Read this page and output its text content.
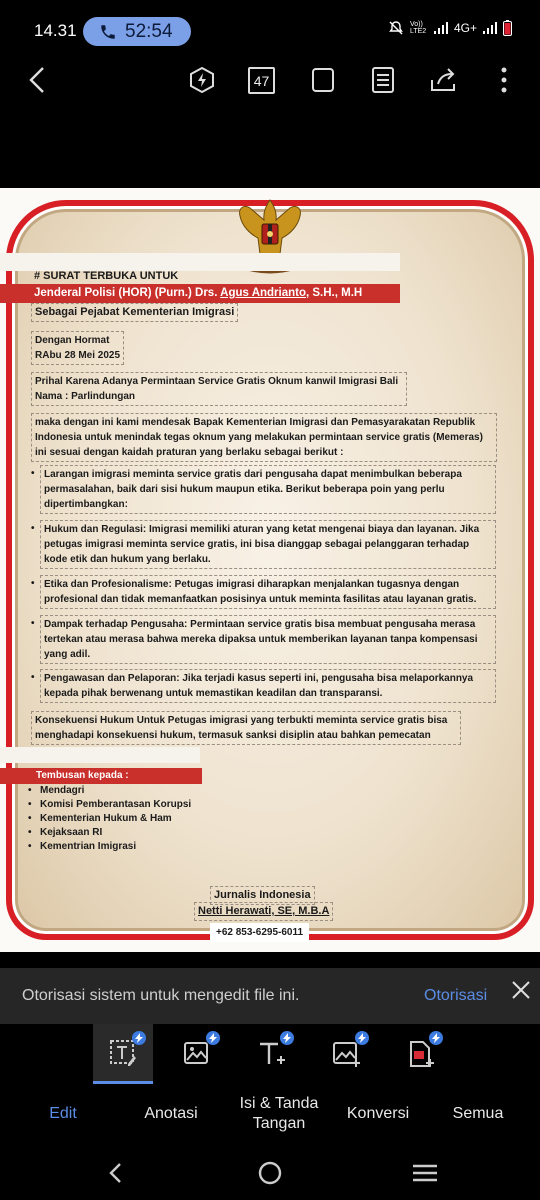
14.31	52:54	Vo)) LTE2 4G+
47
# SURAT TERBUKA UNTUK
Jenderal Polisi (HOR) (Purn.) Drs. Agus Andrianto, S.H., M.H
Sebagai Pejabat Kementerian Imigrasi
Dengan Hormat
RAbu 28 Mei 2025
Prihal Karena Adanya Permintaan Service Gratis Oknum kanwil Imigrasi Bali
Nama : Parlindungan
maka dengan ini kami mendesak Bapak Kementerian Imigrasi dan Pemasyarakatan Republik Indonesia untuk menindak tegas oknum yang melakukan permintaan service gratis (Memeras) ini sesuai dengan kaidah praturan yang berlaku sebagai berikut :
• Larangan imigrasi meminta service gratis dari pengusaha dapat menimbulkan beberapa permasalahan, baik dari sisi hukum maupun etika. Berikut beberapa poin yang perlu dipertimbangkan:
• Hukum dan Regulasi: Imigrasi memiliki aturan yang ketat mengenai biaya dan layanan. Jika petugas imigrasi meminta service gratis, ini bisa dianggap sebagai pelanggaran terhadap kode etik dan hukum yang berlaku.
• Etika dan Profesionalisme: Petugas imigrasi diharapkan menjalankan tugasnya dengan profesional dan tidak memanfaatkan posisinya untuk meminta fasilitas atau layanan gratis.
• Dampak terhadap Pengusaha: Permintaan service gratis bisa membuat pengusaha merasa tertekan atau merasa bahwa mereka dipaksa untuk memberikan layanan tanpa kompensasi yang adil.
• Pengawasan dan Pelaporan: Jika terjadi kasus seperti ini, pengusaha bisa melaporkannya kepada pihak berwenang untuk memastikan keadilan dan transparansi.
Konsekuensi Hukum Untuk Petugas imigrasi yang terbukti meminta service gratis bisa menghadapi konsekuensi hukum, termasuk sanksi disiplin atau bahkan pemecatan
Tembusan kepada :
• Mendagri
• Komisi Pemberantasan Korupsi
• Kementerian Hukum & Ham
• Kejaksaan RI
• Kementrian Imigrasi
Jurnalis Indonesia
Netti Herawati, SE, M.B.A
+62 853-6295-6011
Otorisasi sistem untuk mengedit file ini.	Otorisasi
Edit	Anotasi
Isi & Tanda Tangan
Konversi	Semua
